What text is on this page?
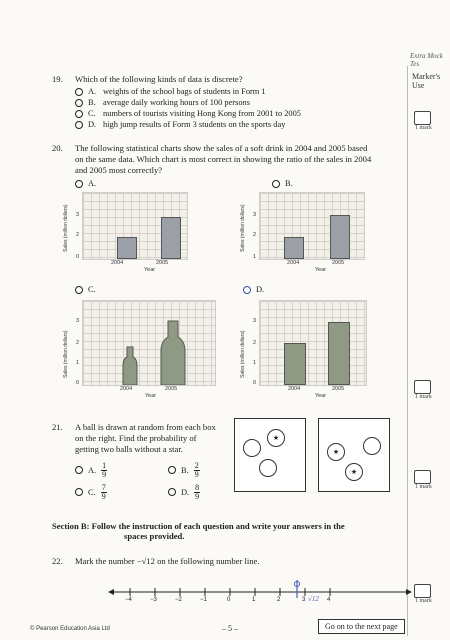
Extra Mock Tes
Marker's Use
19. Which of the following kinds of data is discrete?
A. weights of the school bags of students in Form 1
B. average daily working hours of 100 persons
C. numbers of tourists visiting Hong Kong from 2001 to 2005
D. high jump results of Form 3 students on the sports day	1 mark
20. The following statistical charts show the sales of a soft drink in 2004 and 2005 based
on the same data. Which chart is most correct in showing the ratio of the sales in 2004
and 2005 most correctly?
A.	B.
C.	D.
0
2
3
2004	2005
Year
Sales (million dollars)
1
2
3
2004	2005
Year
Sales (million dollars)
0
1
2
3
2004	2005
Year
Sales (million dollars)
0
1
2
3
2004	2005
Year
Sales (million dollars)
1 mark
21. A ball is drawn at random from each box
on the right. Find the probability of
getting two balls without a star.
A. $\frac{1}{9}$	B. $\frac{2}{9}$
C. $\frac{7}{9}$	D. $\frac{8}{9}$
★
★
★
1 mark
Section B: Follow the instruction of each question and write your answers in the
spaces provided.
22. Mark the number −√12 on the following number line.
−4	−3	−2	−1	0	1	2	3	4
√12	1 mark
© Pearson Education Asia Ltd	– 5 –	Go on to the next page
